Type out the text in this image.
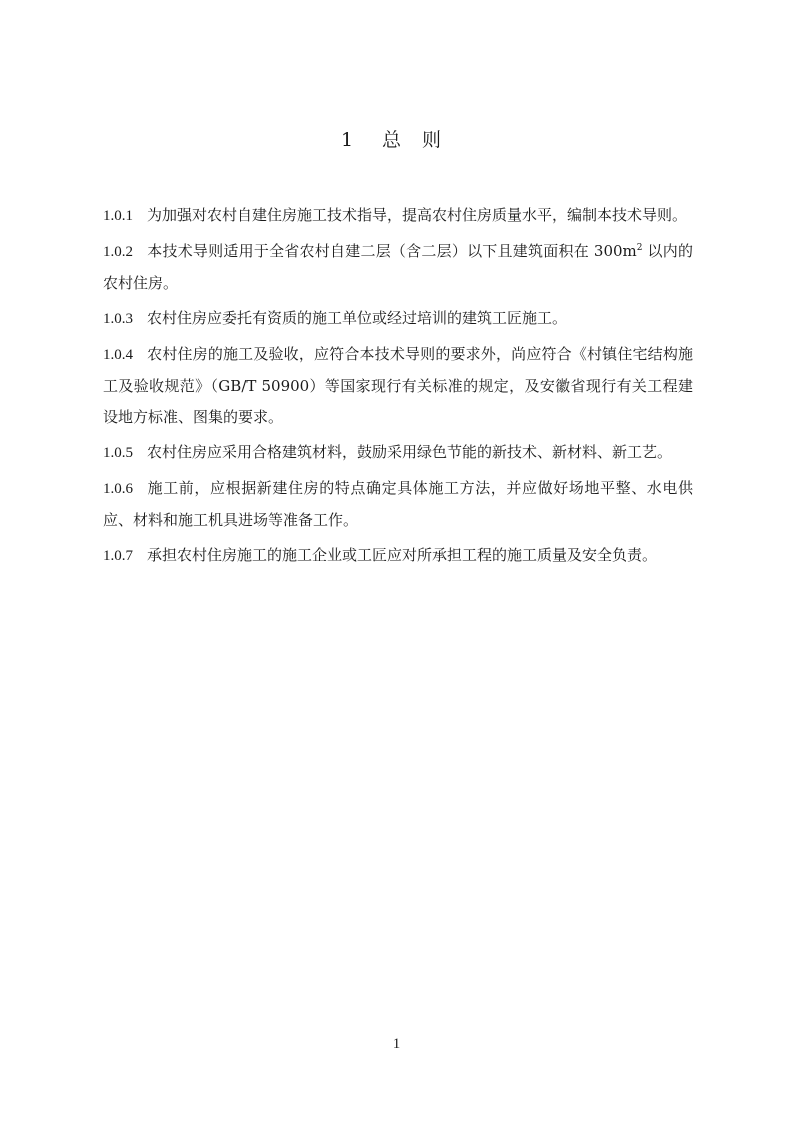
1 总 则

1.0.1 为加强对农村自建住房施工技术指导，提高农村住房质量水平，编制本技术导则。

1.0.2 本技术导则适用于全省农村自建二层（含二层）以下且建筑面积在 $300m^2$ 以内的农村住房。

1.0.3 农村住房应委托有资质的施工单位或经过培训的建筑工匠施工。

1.0.4 农村住房的施工及验收，应符合本技术导则的要求外，尚应符合《村镇住宅结构施工及验收规范》（GB/T 50900）等国家现行有关标准的规定，及安徽省现行有关工程建设地方标准、图集的要求。

1.0.5 农村住房应采用合格建筑材料，鼓励采用绿色节能的新技术、新材料、新工艺。

1.0.6 施工前，应根据新建住房的特点确定具体施工方法，并应做好场地平整、水电供应、材料和施工机具进场等准备工作。

1.0.7 承担农村住房施工的施工企业或工匠应对所承担工程的施工质量及安全负责。

1
